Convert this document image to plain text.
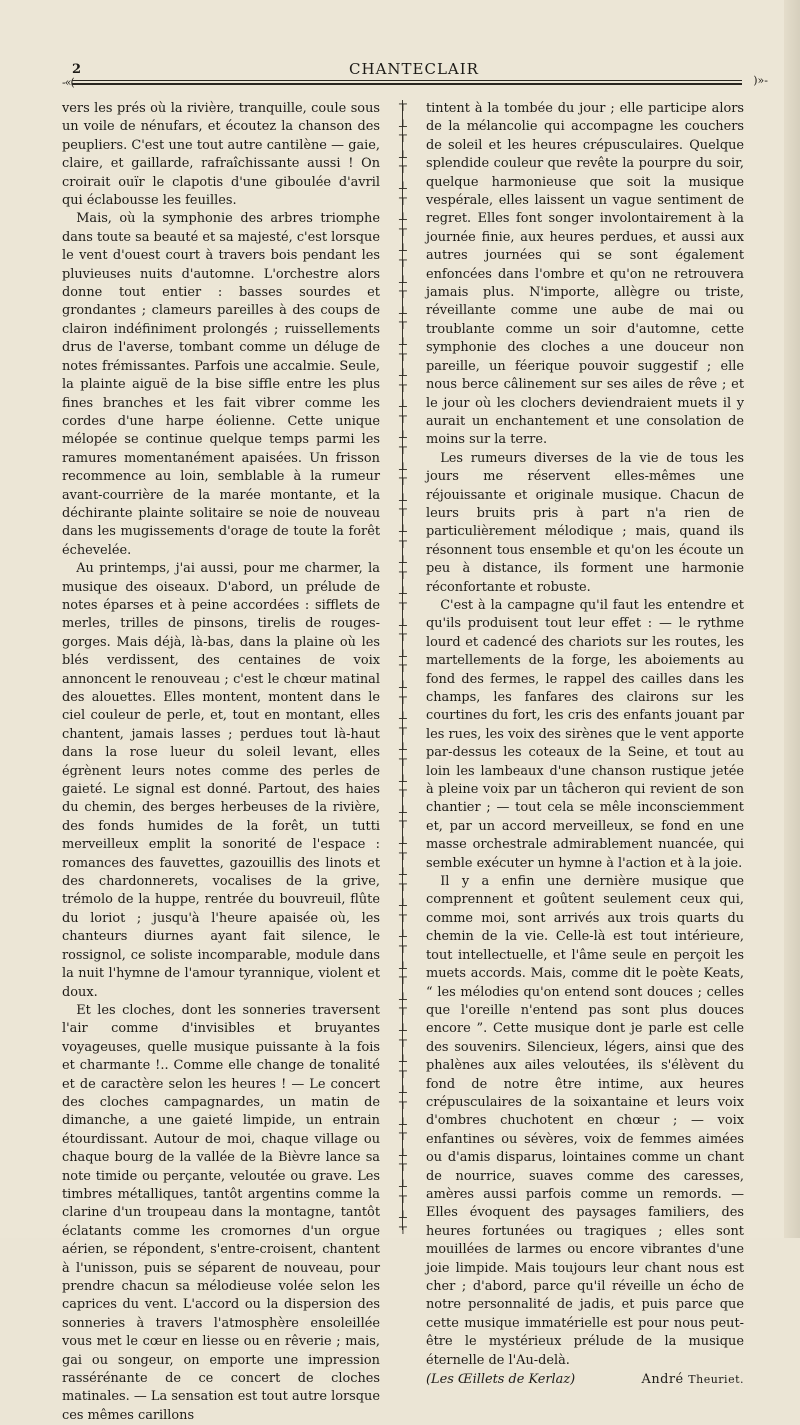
2	CHANTECLAIR
-«(	)»-

vers les prés où la rivière, tranquille, coule sous un voile de nénufars, et écoutez la chanson des peupliers. C'est une tout autre cantilène — gaie, claire, et gaillarde, rafraîchissante aussi ! On croirait ouïr le clapotis d'une giboulée d'avril qui éclabousse les feuilles.

Mais, où la symphonie des arbres triomphe dans toute sa beauté et sa majesté, c'est lorsque le vent d'ouest court à travers bois pendant les pluvieuses nuits d'automne. L'orchestre alors donne tout entier : basses sourdes et grondantes ; clameurs pareilles à des coups de clairon indéfiniment prolongés ; ruissellements drus de l'averse, tombant comme un déluge de notes frémissantes. Parfois une accalmie. Seule, la plainte aiguë de la bise siffle entre les plus fines branches et les fait vibrer comme les cordes d'une harpe éolienne. Cette unique mélopée se continue quelque temps parmi les ramures momentanément apaisées. Un frisson recommence au loin, semblable à la rumeur avant-courrière de la marée montante, et la déchirante plainte solitaire se noie de nouveau dans les mugissements d'orage de toute la forêt échevelée.

Au printemps, j'ai aussi, pour me charmer, la musique des oiseaux. D'abord, un prélude de notes éparses et à peine accordées : sifflets de merles, trilles de pinsons, tirelis de rouges-gorges. Mais déjà, là-bas, dans la plaine où les blés verdissent, des centaines de voix annoncent le renouveau ; c'est le chœur matinal des alouettes. Elles montent, montent dans le ciel couleur de perle, et, tout en montant, elles chantent, jamais lasses ; perdues tout là-haut dans la rose lueur du soleil levant, elles égrènent leurs notes comme des perles de gaieté. Le signal est donné. Partout, des haies du chemin, des berges herbeuses de la rivière, des fonds humides de la forêt, un tutti merveilleux emplit la sonorité de l'espace : romances des fauvettes, gazouillis des linots et des chardonnerets, vocalises de la grive, trémolo de la huppe, rentrée du bouvreuil, flûte du loriot ; jusqu'à l'heure apaisée où, les chanteurs diurnes ayant fait silence, le rossignol, ce soliste incomparable, module dans la nuit l'hymne de l'amour tyrannique, violent et doux.

Et les cloches, dont les sonneries traversent l'air comme d'invisibles et bruyantes voyageuses, quelle musique puissante à la fois et charmante !.. Comme elle change de tonalité et de caractère selon les heures ! — Le concert des cloches campagnardes, un matin de dimanche, a une gaieté limpide, un entrain étourdissant. Autour de moi, chaque village ou chaque bourg de la vallée de la Bièvre lance sa note timide ou perçante, veloutée ou grave. Les timbres métalliques, tantôt argentins comme la clarine d'un troupeau dans la montagne, tantôt éclatants comme les cromornes d'un orgue aérien, se répondent, s'entre-croisent, chantent à l'unisson, puis se séparent de nouveau, pour prendre chacun sa mélodieuse volée selon les caprices du vent. L'accord ou la dispersion des sonneries à travers l'atmosphère ensoleillée vous met le cœur en liesse ou en rêverie ; mais, gai ou songeur, on emporte une impression rassérénante de ce concert de cloches matinales. — La sensation est tout autre lorsque ces mêmes carillons

⊤
⊥
⊤
⊥
⊤
⊥
⊤
⊥
⊤
⊥
⊤
⊥
⊤
⊥
⊤
⊥
⊤
⊥
⊤
⊥
⊤
⊥
⊤
⊥
⊤
⊥
⊤
⊥
⊤
⊥
⊤
⊥
⊤
⊥
⊤
⊥
⊤
⊥
⊤
⊥
⊤
⊥
⊤
⊥
⊤
⊥
⊤
⊥
⊤
⊥
⊤
⊥
⊤
⊥
⊤
⊥
⊤
⊥
⊤
⊥
⊤
⊥
⊤
⊥
⊤
⊥
⊤
⊥
⊤
⊥
⊤
⊥
⊤

tintent à la tombée du jour ; elle participe alors de la mélancolie qui accompagne les couchers de soleil et les heures crépusculaires. Quelque splendide couleur que revête la pourpre du soir, quelque harmonieuse que soit la musique vespérale, elles laissent un vague sentiment de regret. Elles font songer involontairement à la journée finie, aux heures perdues, et aussi aux autres journées qui se sont également enfoncées dans l'ombre et qu'on ne retrouvera jamais plus. N'importe, allègre ou triste, réveillante comme une aube de mai ou troublante comme un soir d'automne, cette symphonie des cloches a une douceur non pareille, un féerique pouvoir suggestif ; elle nous berce câlinement sur ses ailes de rêve ; et le jour où les clochers deviendraient muets il y aurait un enchantement et une consolation de moins sur la terre.

Les rumeurs diverses de la vie de tous les jours me réservent elles-mêmes une réjouissante et originale musique. Chacun de leurs bruits pris à part n'a rien de particulièrement mélodique ; mais, quand ils résonnent tous ensemble et qu'on les écoute un peu à distance, ils forment une harmonie réconfortante et robuste.

C'est à la campagne qu'il faut les entendre et qu'ils produisent tout leur effet : — le rythme lourd et cadencé des chariots sur les routes, les martellements de la forge, les aboiements au fond des fermes, le rappel des cailles dans les champs, les fanfares des clairons sur les courtines du fort, les cris des enfants jouant par les rues, les voix des sirènes que le vent apporte par-dessus les coteaux de la Seine, et tout au loin les lambeaux d'une chanson rustique jetée à pleine voix par un tâcheron qui revient de son chantier ; — tout cela se mêle inconsciemment et, par un accord merveilleux, se fond en une masse orchestrale admirablement nuancée, qui semble exécuter un hymne à l'action et à la joie.

Il y a enfin une dernière musique que comprennent et goûtent seulement ceux qui, comme moi, sont arrivés aux trois quarts du chemin de la vie. Celle-là est tout intérieure, tout intellectuelle, et l'âme seule en perçoit les muets accords. Mais, comme dit le poète Keats, “ les mélodies qu'on entend sont douces ; celles que l'oreille n'entend pas sont plus douces encore ”. Cette musique dont je parle est celle des souvenirs. Silencieux, légers, ainsi que des phalènes aux ailes veloutées, ils s'élèvent du fond de notre être intime, aux heures crépusculaires de la soixantaine et leurs voix d'ombres chuchotent en chœur ; — voix enfantines ou sévères, voix de femmes aimées ou d'amis disparus, lointaines comme un chant de nourrice, suaves comme des caresses, amères aussi parfois comme un remords. — Elles évoquent des paysages familiers, des heures fortunées ou tragiques ; elles sont mouillées de larmes ou encore vibrantes d'une joie limpide. Mais toujours leur chant nous est cher ; d'abord, parce qu'il réveille un écho de notre personnalité de jadis, et puis parce que cette musique immatérielle est pour nous peut-être le mystérieux prélude de la musique éternelle de l'Au-delà.

(Les Œillets de Kerlaz)	André Theuriet.
